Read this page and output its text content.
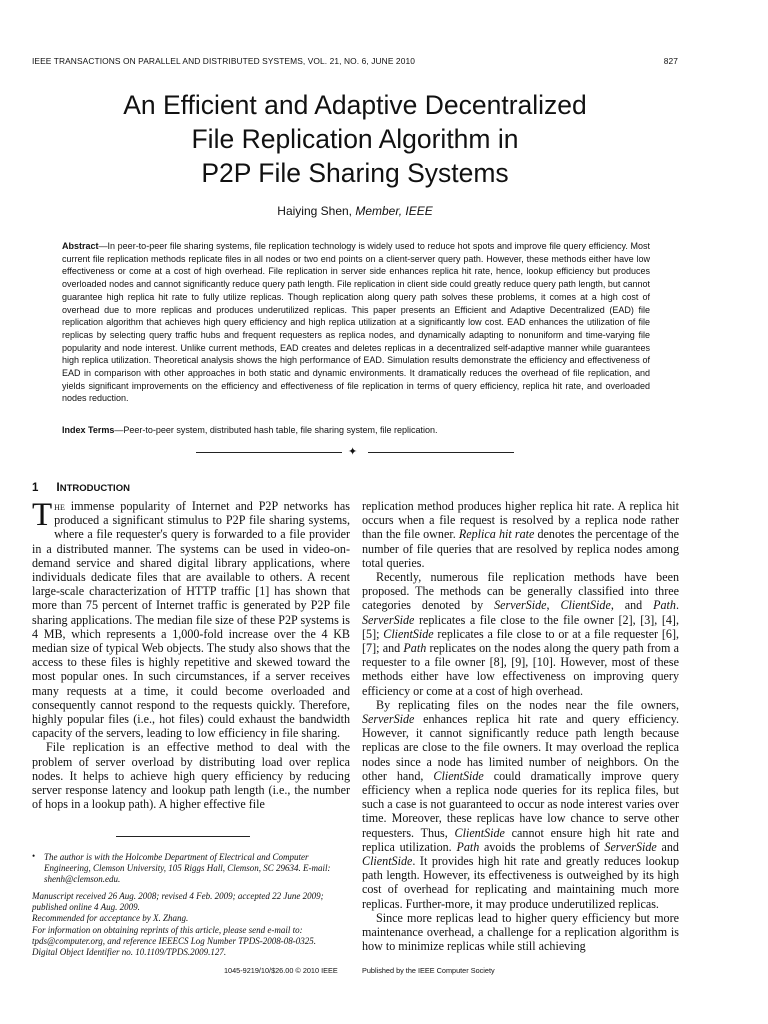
IEEE TRANSACTIONS ON PARALLEL AND DISTRIBUTED SYSTEMS, VOL. 21, NO. 6, JUNE 2010	827
An Efficient and Adaptive Decentralized
File Replication Algorithm in
P2P File Sharing Systems
Haiying Shen, Member, IEEE
Abstract—In peer-to-peer file sharing systems, file replication technology is widely used to reduce hot spots and improve file query efficiency. Most current file replication methods replicate files in all nodes or two end points on a client-server query path. However, these methods either have low effectiveness or come at a cost of high overhead. File replication in server side enhances replica hit rate, hence, lookup efficiency but produces overloaded nodes and cannot significantly reduce query path length. File replication in client side could greatly reduce query path length, but cannot guarantee high replica hit rate to fully utilize replicas. Though replication along query path solves these problems, it comes at a high cost of overhead due to more replicas and produces underutilized replicas. This paper presents an Efficient and Adaptive Decentralized (EAD) file replication algorithm that achieves high query efficiency and high replica utilization at a significantly low cost. EAD enhances the utilization of file replicas by selecting query traffic hubs and frequent requesters as replica nodes, and dynamically adapting to nonuniform and time-varying file popularity and node interest. Unlike current methods, EAD creates and deletes replicas in a decentralized self-adaptive manner while guarantees high replica utilization. Theoretical analysis shows the high performance of EAD. Simulation results demonstrate the efficiency and effectiveness of EAD in comparison with other approaches in both static and dynamic environments. It dramatically reduces the overhead of file replication, and yields significant improvements on the efficiency and effectiveness of file replication in terms of query efficiency, replica hit rate, and overloaded nodes reduction.
Index Terms—Peer-to-peer system, distributed hash table, file sharing system, file replication.
✦
1 INTRODUCTION

The immense popularity of Internet and P2P networks has produced a significant stimulus to P2P file sharing systems, where a file requester's query is forwarded to a file provider in a distributed manner. The systems can be used in video-on-demand service and shared digital library applications, where individuals dedicate files that are available to others. A recent large-scale characterization of HTTP traffic [1] has shown that more than 75 percent of Internet traffic is generated by P2P file sharing applications. The median file size of these P2P systems is 4 MB, which represents a 1,000-fold increase over the 4 KB median size of typical Web objects. The study also shows that the access to these files is highly repetitive and skewed toward the most popular ones. In such circumstances, if a server receives many requests at a time, it could become overloaded and consequently cannot respond to the requests quickly. Therefore, highly popular files (i.e., hot files) could exhaust the bandwidth capacity of the servers, leading to low efficiency in file sharing.

File replication is an effective method to deal with the problem of server overload by distributing load over replica nodes. It helps to achieve high query efficiency by reducing server response latency and lookup path length (i.e., the number of hops in a lookup path). A higher effective file

replication method produces higher replica hit rate. A replica hit occurs when a file request is resolved by a replica node rather than the file owner. Replica hit rate denotes the percentage of the number of file queries that are resolved by replica nodes among total queries.

Recently, numerous file replication methods have been proposed. The methods can be generally classified into three categories denoted by ServerSide, ClientSide, and Path. ServerSide replicates a file close to the file owner [2], [3], [4], [5]; ClientSide replicates a file close to or at a file requester [6], [7]; and Path replicates on the nodes along the query path from a requester to a file owner [8], [9], [10]. However, most of these methods either have low effectiveness on improving query efficiency or come at a cost of high overhead.

By replicating files on the nodes near the file owners, ServerSide enhances replica hit rate and query efficiency. However, it cannot significantly reduce path length because replicas are close to the file owners. It may overload the replica nodes since a node has limited number of neighbors. On the other hand, ClientSide could dramatically improve query efficiency when a replica node queries for its replica files, but such a case is not guaranteed to occur as node interest varies over time. Moreover, these replicas have low chance to serve other requesters. Thus, ClientSide cannot ensure high hit rate and replica utilization. Path avoids the problems of ServerSide and ClientSide. It provides high hit rate and greatly reduces lookup path length. However, its effectiveness is outweighed by its high cost of overhead for replicating and maintaining much more replicas. Further-more, it may produce underutilized replicas.

Since more replicas lead to higher query efficiency but more maintenance overhead, a challenge for a replication algorithm is how to minimize replicas while still achieving

• The author is with the Holcombe Department of Electrical and Computer Engineering, Clemson University, 105 Riggs Hall, Clemson, SC 29634. E-mail: shenh@clemson.edu.

Manuscript received 26 Aug. 2008; revised 4 Feb. 2009; accepted 22 June 2009; published online 4 Aug. 2009.

Recommended for acceptance by X. Zhang.

For information on obtaining reprints of this article, please send e-mail to: tpds@computer.org, and reference IEEECS Log Number TPDS-2008-08-0325.

Digital Object Identifier no. 10.1109/TPDS.2009.127.

1045-9219/10/$26.00 © 2010 IEEE	Published by the IEEE Computer Society
